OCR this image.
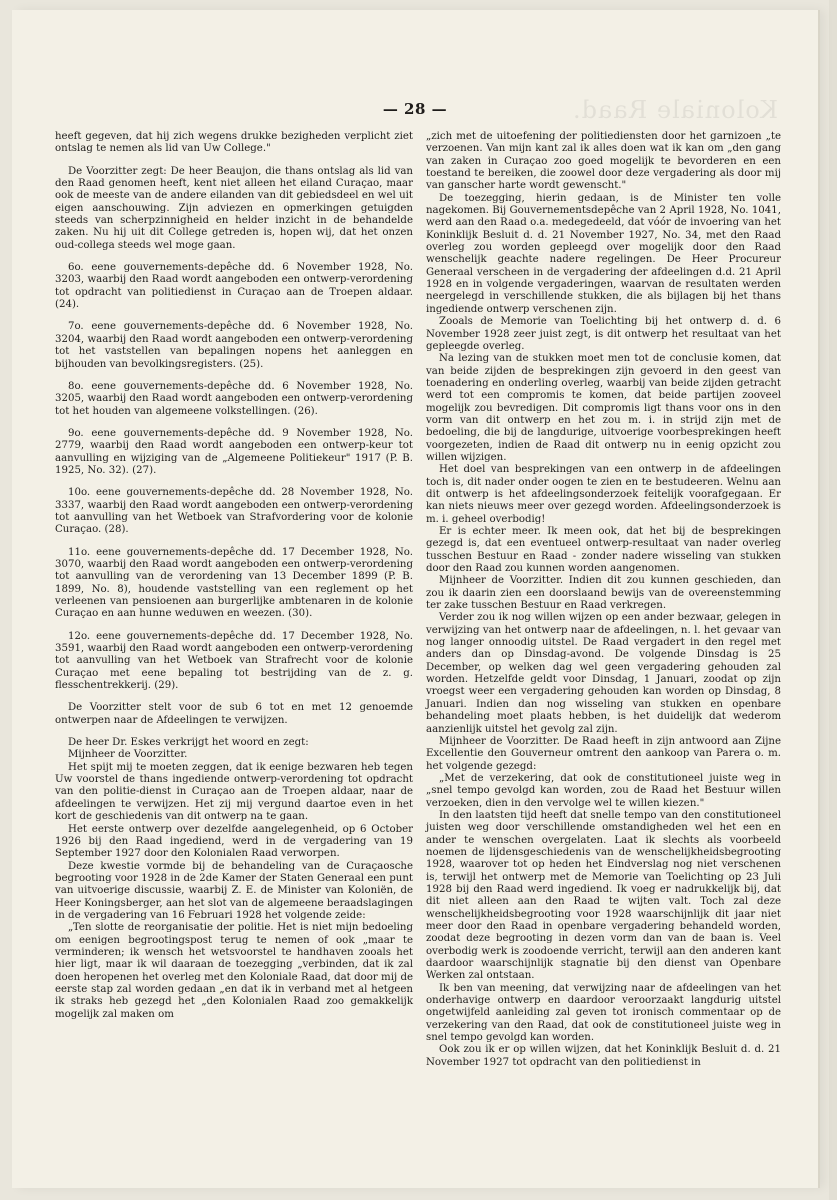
Koloniale Raad.
— 28 —

heeft gegeven, dat hij zich wegens drukke bezigheden verplicht ziet ontslag te nemen als lid van Uw College."

De Voorzitter zegt: De heer Beaujon, die thans ontslag als lid van den Raad genomen heeft, kent niet alleen het eiland Curaçao, maar ook de meeste van de andere eilanden van dit gebiedsdeel en wel uit eigen aanschouwing. Zijn adviezen en opmerkingen getuigden steeds van scherpzinnigheid en helder inzicht in de behandelde zaken. Nu hij uit dit College getreden is, hopen wij, dat het onzen oud-collega steeds wel moge gaan.

6o. eene gouvernements-depêche dd. 6 November 1928, No. 3203, waarbij den Raad wordt aangeboden een ontwerp-verordening tot opdracht van politiedienst in Curaçao aan de Troepen aldaar. (24).

7o. eene gouvernements-depêche dd. 6 November 1928, No. 3204, waarbij den Raad wordt aangeboden een ontwerp-verordening tot het vaststellen van bepalingen nopens het aanleggen en bijhouden van bevolkingsregisters. (25).

8o. eene gouvernements-depêche dd. 6 November 1928, No. 3205, waarbij den Raad wordt aangeboden een ontwerp-verordening tot het houden van algemeene volkstellingen. (26).

9o. eene gouvernements-depêche dd. 9 November 1928, No. 2779, waarbij den Raad wordt aangeboden een ontwerp-keur tot aanvulling en wijziging van de „Algemeene Politiekeur" 1917 (P. B. 1925, No. 32). (27).

10o. eene gouvernements-depêche dd. 28 November 1928, No. 3337, waarbij den Raad wordt aangeboden een ontwerp-verordening tot aanvulling van het Wetboek van Strafvordering voor de kolonie Curaçao. (28).

11o. eene gouvernements-depêche dd. 17 December 1928, No. 3070, waarbij den Raad wordt aangeboden een ontwerp-verordening tot aanvulling van de verordening van 13 December 1899 (P. B. 1899, No. 8), houdende vaststelling van een reglement op het verleenen van pensioenen aan burgerlijke ambtenaren in de kolonie Curaçao en aan hunne weduwen en weezen. (30).

12o. eene gouvernements-depêche dd. 17 December 1928, No. 3591, waarbij den Raad wordt aangeboden een ontwerp-verordening tot aanvulling van het Wetboek van Strafrecht voor de kolonie Curaçao met eene bepaling tot bestrijding van de z. g. flesschentrekkerij. (29).

De Voorzitter stelt voor de sub 6 tot en met 12 genoemde ontwerpen naar de Afdeelingen te verwijzen.

De heer Dr. Eskes verkrijgt het woord en zegt:

Mijnheer de Voorzitter.

Het spijt mij te moeten zeggen, dat ik eenige bezwaren heb tegen Uw voorstel de thans ingediende ontwerp-verordening tot opdracht van den politie-dienst in Curaçao aan de Troepen aldaar, naar de afdeelingen te verwijzen. Het zij mij vergund daartoe even in het kort de geschiedenis van dit ontwerp na te gaan.

Het eerste ontwerp over dezelfde aangelegenheid, op 6 October 1926 bij den Raad ingediend, werd in de vergadering van 19 September 1927 door den Kolonialen Raad verworpen.

Deze kwestie vormde bij de behandeling van de Curaçaosche begrooting voor 1928 in de 2de Kamer der Staten Generaal een punt van uitvoerige discussie, waarbij Z. E. de Minister van Koloniën, de Heer Koningsberger, aan het slot van de algemeene beraadslagingen in de vergadering van 16 Februari 1928 het volgende zeide:

„Ten slotte de reorganisatie der politie. Het is niet mijn bedoeling om eenigen begrootingspost terug te nemen of ook „maar te verminderen; ik wensch het wetsvoorstel te handhaven zooals het hier ligt, maar ik wil daaraan de toezegging „verbinden, dat ik zal doen heropenen het overleg met den Koloniale Raad, dat door mij de eerste stap zal worden gedaan „en dat ik in verband met al hetgeen ik straks heb gezegd het „den Kolonialen Raad zoo gemakkelijk mogelijk zal maken om

„zich met de uitoefening der politiediensten door het garnizoen „te verzoenen. Van mijn kant zal ik alles doen wat ik kan om „den gang van zaken in Curaçao zoo goed mogelijk te bevorderen en een toestand te bereiken, die zoowel door deze vergadering als door mij van ganscher harte wordt gewenscht."

De toezegging, hierin gedaan, is de Minister ten volle nagekomen. Bij Gouvernementsdepêche van 2 April 1928, No. 1041, werd aan den Raad o.a. medegedeeld, dat vóór de invoering van het Koninklijk Besluit d. d. 21 November 1927, No. 34, met den Raad overleg zou worden gepleegd over mogelijk door den Raad wenschelijk geachte nadere regelingen. De Heer Procureur Generaal verscheen in de vergadering der afdeelingen d.d. 21 April 1928 en in volgende vergaderingen, waarvan de resultaten werden neergelegd in verschillende stukken, die als bijlagen bij het thans ingediende ontwerp verschenen zijn.

Zooals de Memorie van Toelichting bij het ontwerp d. d. 6 November 1928 zeer juist zegt, is dit ontwerp het resultaat van het gepleegde overleg.

Na lezing van de stukken moet men tot de conclusie komen, dat van beide zijden de besprekingen zijn gevoerd in den geest van toenadering en onderling overleg, waarbij van beide zijden getracht werd tot een compromis te komen, dat beide partijen zooveel mogelijk zou bevredigen. Dit compromis ligt thans voor ons in den vorm van dit ontwerp en het zou m. i. in strijd zijn met de bedoeling, die bij de langdurige, uitvoerige voorbesprekingen heeft voorgezeten, indien de Raad dit ontwerp nu in eenig opzicht zou willen wijzigen.

Het doel van besprekingen van een ontwerp in de afdeelingen toch is, dit nader onder oogen te zien en te bestudeeren. Welnu aan dit ontwerp is het afdeelingsonderzoek feitelijk voorafgegaan. Er kan niets nieuws meer over gezegd worden. Afdeelingsonderzoek is m. i. geheel overbodig!

Er is echter meer. Ik meen ook, dat het bij de besprekingen gezegd is, dat een eventueel ontwerp-resultaat van nader overleg tusschen Bestuur en Raad - zonder nadere wisseling van stukken door den Raad zou kunnen worden aangenomen.

Mijnheer de Voorzitter. Indien dit zou kunnen geschieden, dan zou ik daarin zien een doorslaand bewijs van de overeenstemming ter zake tusschen Bestuur en Raad verkregen.

Verder zou ik nog willen wijzen op een ander bezwaar, gelegen in verwijzing van het ontwerp naar de afdeelingen, n. l. het gevaar van nog langer onnoodig uitstel. De Raad vergadert in den regel met anders dan op Dinsdag-avond. De volgende Dinsdag is 25 December, op welken dag wel geen vergadering gehouden zal worden. Hetzelfde geldt voor Dinsdag, 1 Januari, zoodat op zijn vroegst weer een vergadering gehouden kan worden op Dinsdag, 8 Januari. Indien dan nog wisseling van stukken en openbare behandeling moet plaats hebben, is het duidelijk dat wederom aanzienlijk uitstel het gevolg zal zijn.

Mijnheer de Voorzitter. De Raad heeft in zijn antwoord aan Zijne Excellentie den Gouverneur omtrent den aankoop van Parera o. m. het volgende gezegd:

„Met de verzekering, dat ook de constitutioneel juiste weg in „snel tempo gevolgd kan worden, zou de Raad het Bestuur willen verzoeken, dien in den vervolge wel te willen kiezen."

In den laatsten tijd heeft dat snelle tempo van den constitutioneel juisten weg door verschillende omstandigheden wel het een en ander te wenschen overgelaten. Laat ik slechts als voorbeeld noemen de lijdensgeschiedenis van de wenschelijkheidsbegrooting 1928, waarover tot op heden het Eindverslag nog niet verschenen is, terwijl het ontwerp met de Memorie van Toelichting op 23 Juli 1928 bij den Raad werd ingediend. Ik voeg er nadrukkelijk bij, dat dit niet alleen aan den Raad te wijten valt. Toch zal deze wenschelijkheidsbegrooting voor 1928 waarschijnlijk dit jaar niet meer door den Raad in openbare vergadering behandeld worden, zoodat deze begrooting in dezen vorm dan van de baan is. Veel overbodig werk is zoodoende verricht, terwijl aan den anderen kant daardoor waarschijnlijk stagnatie bij den dienst van Openbare Werken zal ontstaan.

Ik ben van meening, dat verwijzing naar de afdeelingen van het onderhavige ontwerp en daardoor veroorzaakt langdurig uitstel ongetwijfeld aanleiding zal geven tot ironisch commentaar op de verzekering van den Raad, dat ook de constitutioneel juiste weg in snel tempo gevolgd kan worden.

Ook zou ik er op willen wijzen, dat het Koninklijk Besluit d. d. 21 November 1927 tot opdracht van den politiedienst in
